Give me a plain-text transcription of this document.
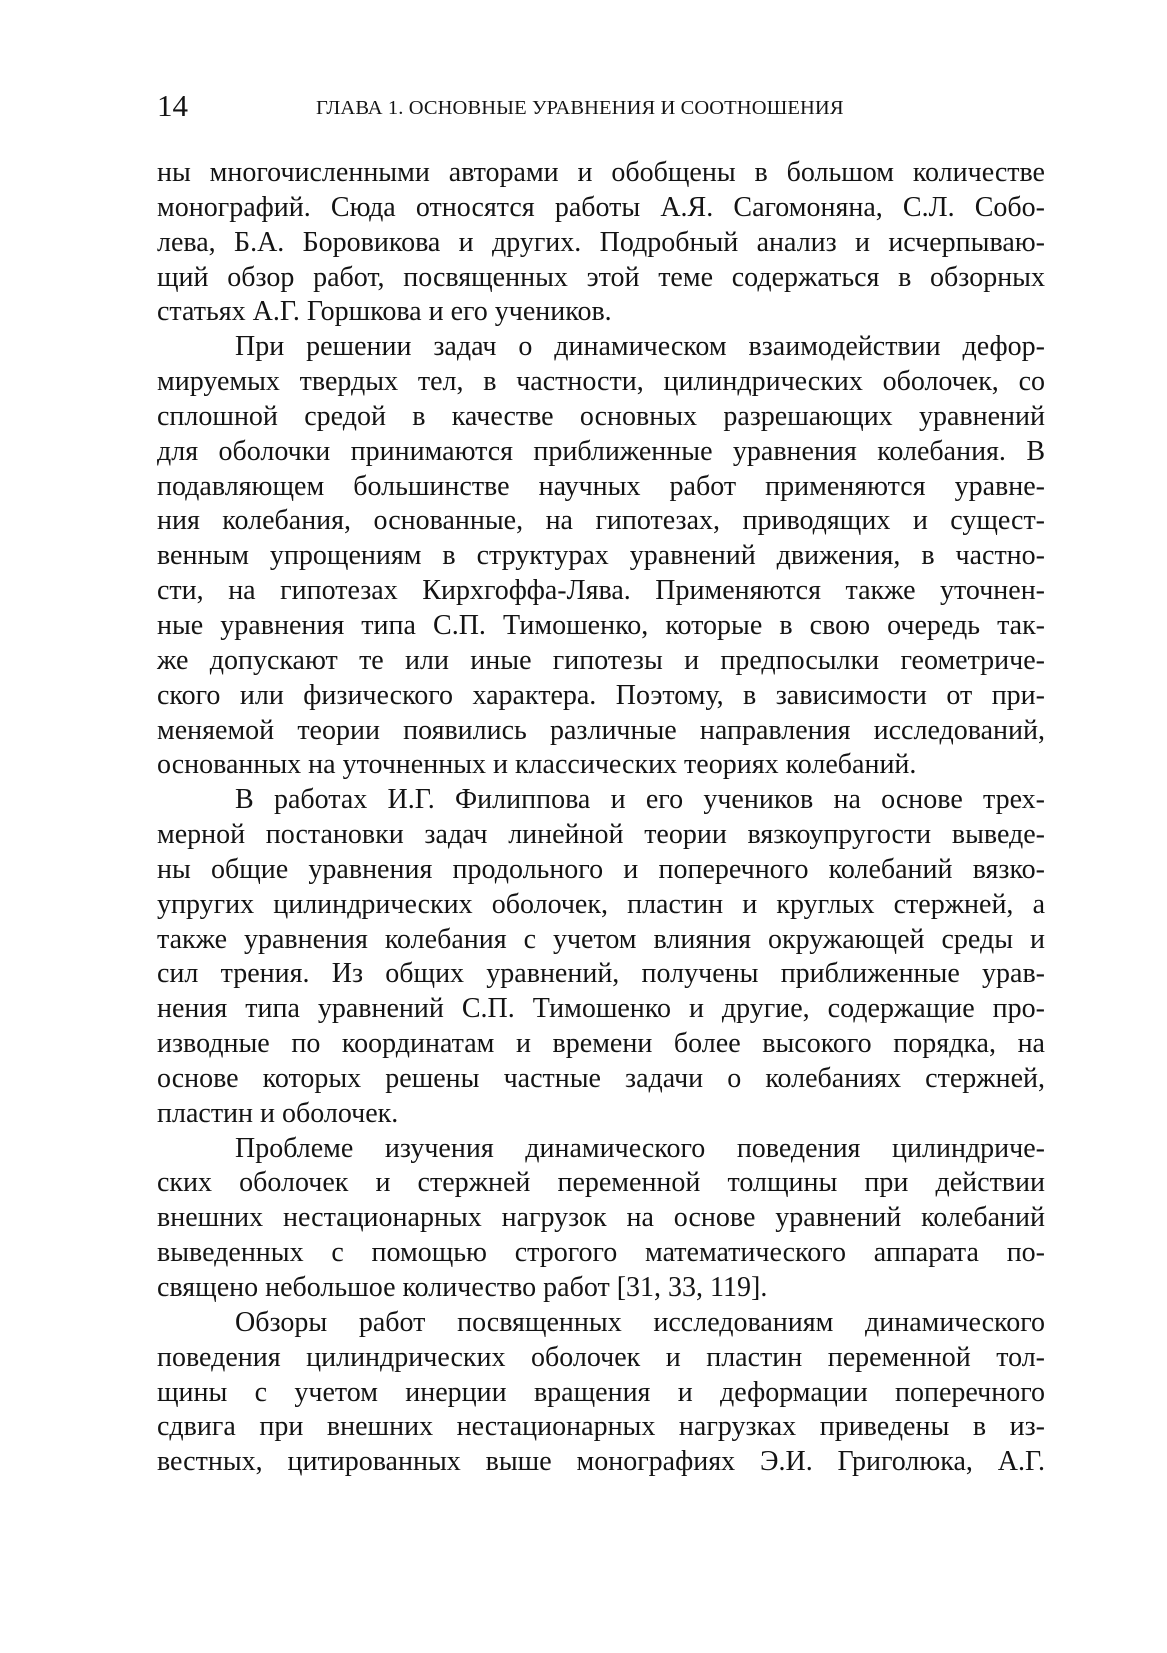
14	ГЛАВА 1. ОСНОВНЫЕ УРАВНЕНИЯ И СООТНОШЕНИЯ
ны многочисленными авторами и обобщены в большом количестве
монографий. Сюда относятся работы А.Я. Сагомоняна, С.Л. Собо-
лева, Б.А. Боровикова и других. Подробный анализ и исчерпываю-
щий обзор работ, посвященных этой теме содержаться в обзорных
статьях А.Г. Горшкова и его учеников.
При решении задач о динамическом взаимодействии дефор-
мируемых твердых тел, в частности, цилиндрических оболочек, со
сплошной средой в качестве основных разрешающих уравнений
для оболочки принимаются приближенные уравнения колебания. В
подавляющем большинстве научных работ применяются уравне-
ния колебания, основанные, на гипотезах, приводящих и сущест-
венным упрощениям в структурах уравнений движения, в частно-
сти, на гипотезах Кирхгоффа-Лява. Применяются также уточнен-
ные уравнения типа С.П. Тимошенко, которые в свою очередь так-
же допускают те или иные гипотезы и предпосылки геометриче-
ского или физического характера. Поэтому, в зависимости от при-
меняемой теории появились различные направления исследований,
основанных на уточненных и классических теориях колебаний.
В работах И.Г. Филиппова и его учеников на основе трех-
мерной постановки задач линейной теории вязкоупругости выведе-
ны общие уравнения продольного и поперечного колебаний вязко-
упругих цилиндрических оболочек, пластин и круглых стержней, а
также уравнения колебания с учетом влияния окружающей среды и
сил трения. Из общих уравнений, получены приближенные урав-
нения типа уравнений С.П. Тимошенко и другие, содержащие про-
изводные по координатам и времени более высокого порядка, на
основе которых решены частные задачи о колебаниях стержней,
пластин и оболочек.
Проблеме изучения динамического поведения цилиндриче-
ских оболочек и стержней переменной толщины при действии
внешних нестационарных нагрузок на основе уравнений колебаний
выведенных с помощью строгого математического аппарата по-
священо небольшое количество работ [31, 33, 119].
Обзоры работ посвященных исследованиям динамического
поведения цилиндрических оболочек и пластин переменной тол-
щины с учетом инерции вращения и деформации поперечного
сдвига при внешних нестационарных нагрузках приведены в из-
вестных, цитированных выше монографиях Э.И. Григолюка, А.Г.
